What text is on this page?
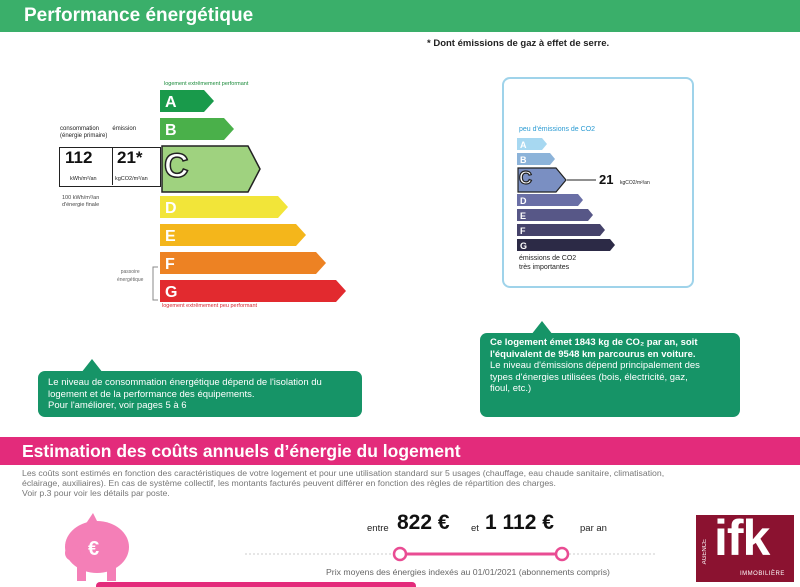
Performance énergétique
* Dont émissions de gaz à effet de serre.
logement extrêmement performant
A
B
D
E
F
G
C
logement extrêmement peu performant
consommation
(énergie primaire)   émission
112 21*
kWh/m²/an	kgCO2/m²/an
100 kWh/m²/an
d'énergie finale
passoire
énergétique
peu d'émissions de CO2
A
B
D
E
F
G
C	21 kgCO2/m²/an
émissions de CO2
très importantes
Le niveau de consommation énergétique dépend de l'isolation du
logement et de la performance des équipements.
Pour l'améliorer, voir pages 5 à 6
Ce logement émet 1843 kg de CO₂ par an, soit
l'équivalent de 9548 km parcourus en voiture.
Le niveau d'émissions dépend principalement des
types d'énergies utilisées (bois, électricité, gaz,
fioul, etc.)
Estimation des coûts annuels d’énergie du logement
Les coûts sont estimés en fonction des caractéristiques de votre logement et pour une utilisation standard sur 5 usages (chauffage, eau chaude sanitaire, climatisation,
éclairage, auxiliaires). En cas de système collectif, les montants facturés peuvent différer en fonction des règles de répartition des charges.
Voir p.3 pour voir les détails par poste.
€
entre 822 € et 1 112 €	par an
Prix moyens des énergies indexés au 01/01/2021 (abonnements compris)
ifk
AGENCE
IMMOBILIÈRE
